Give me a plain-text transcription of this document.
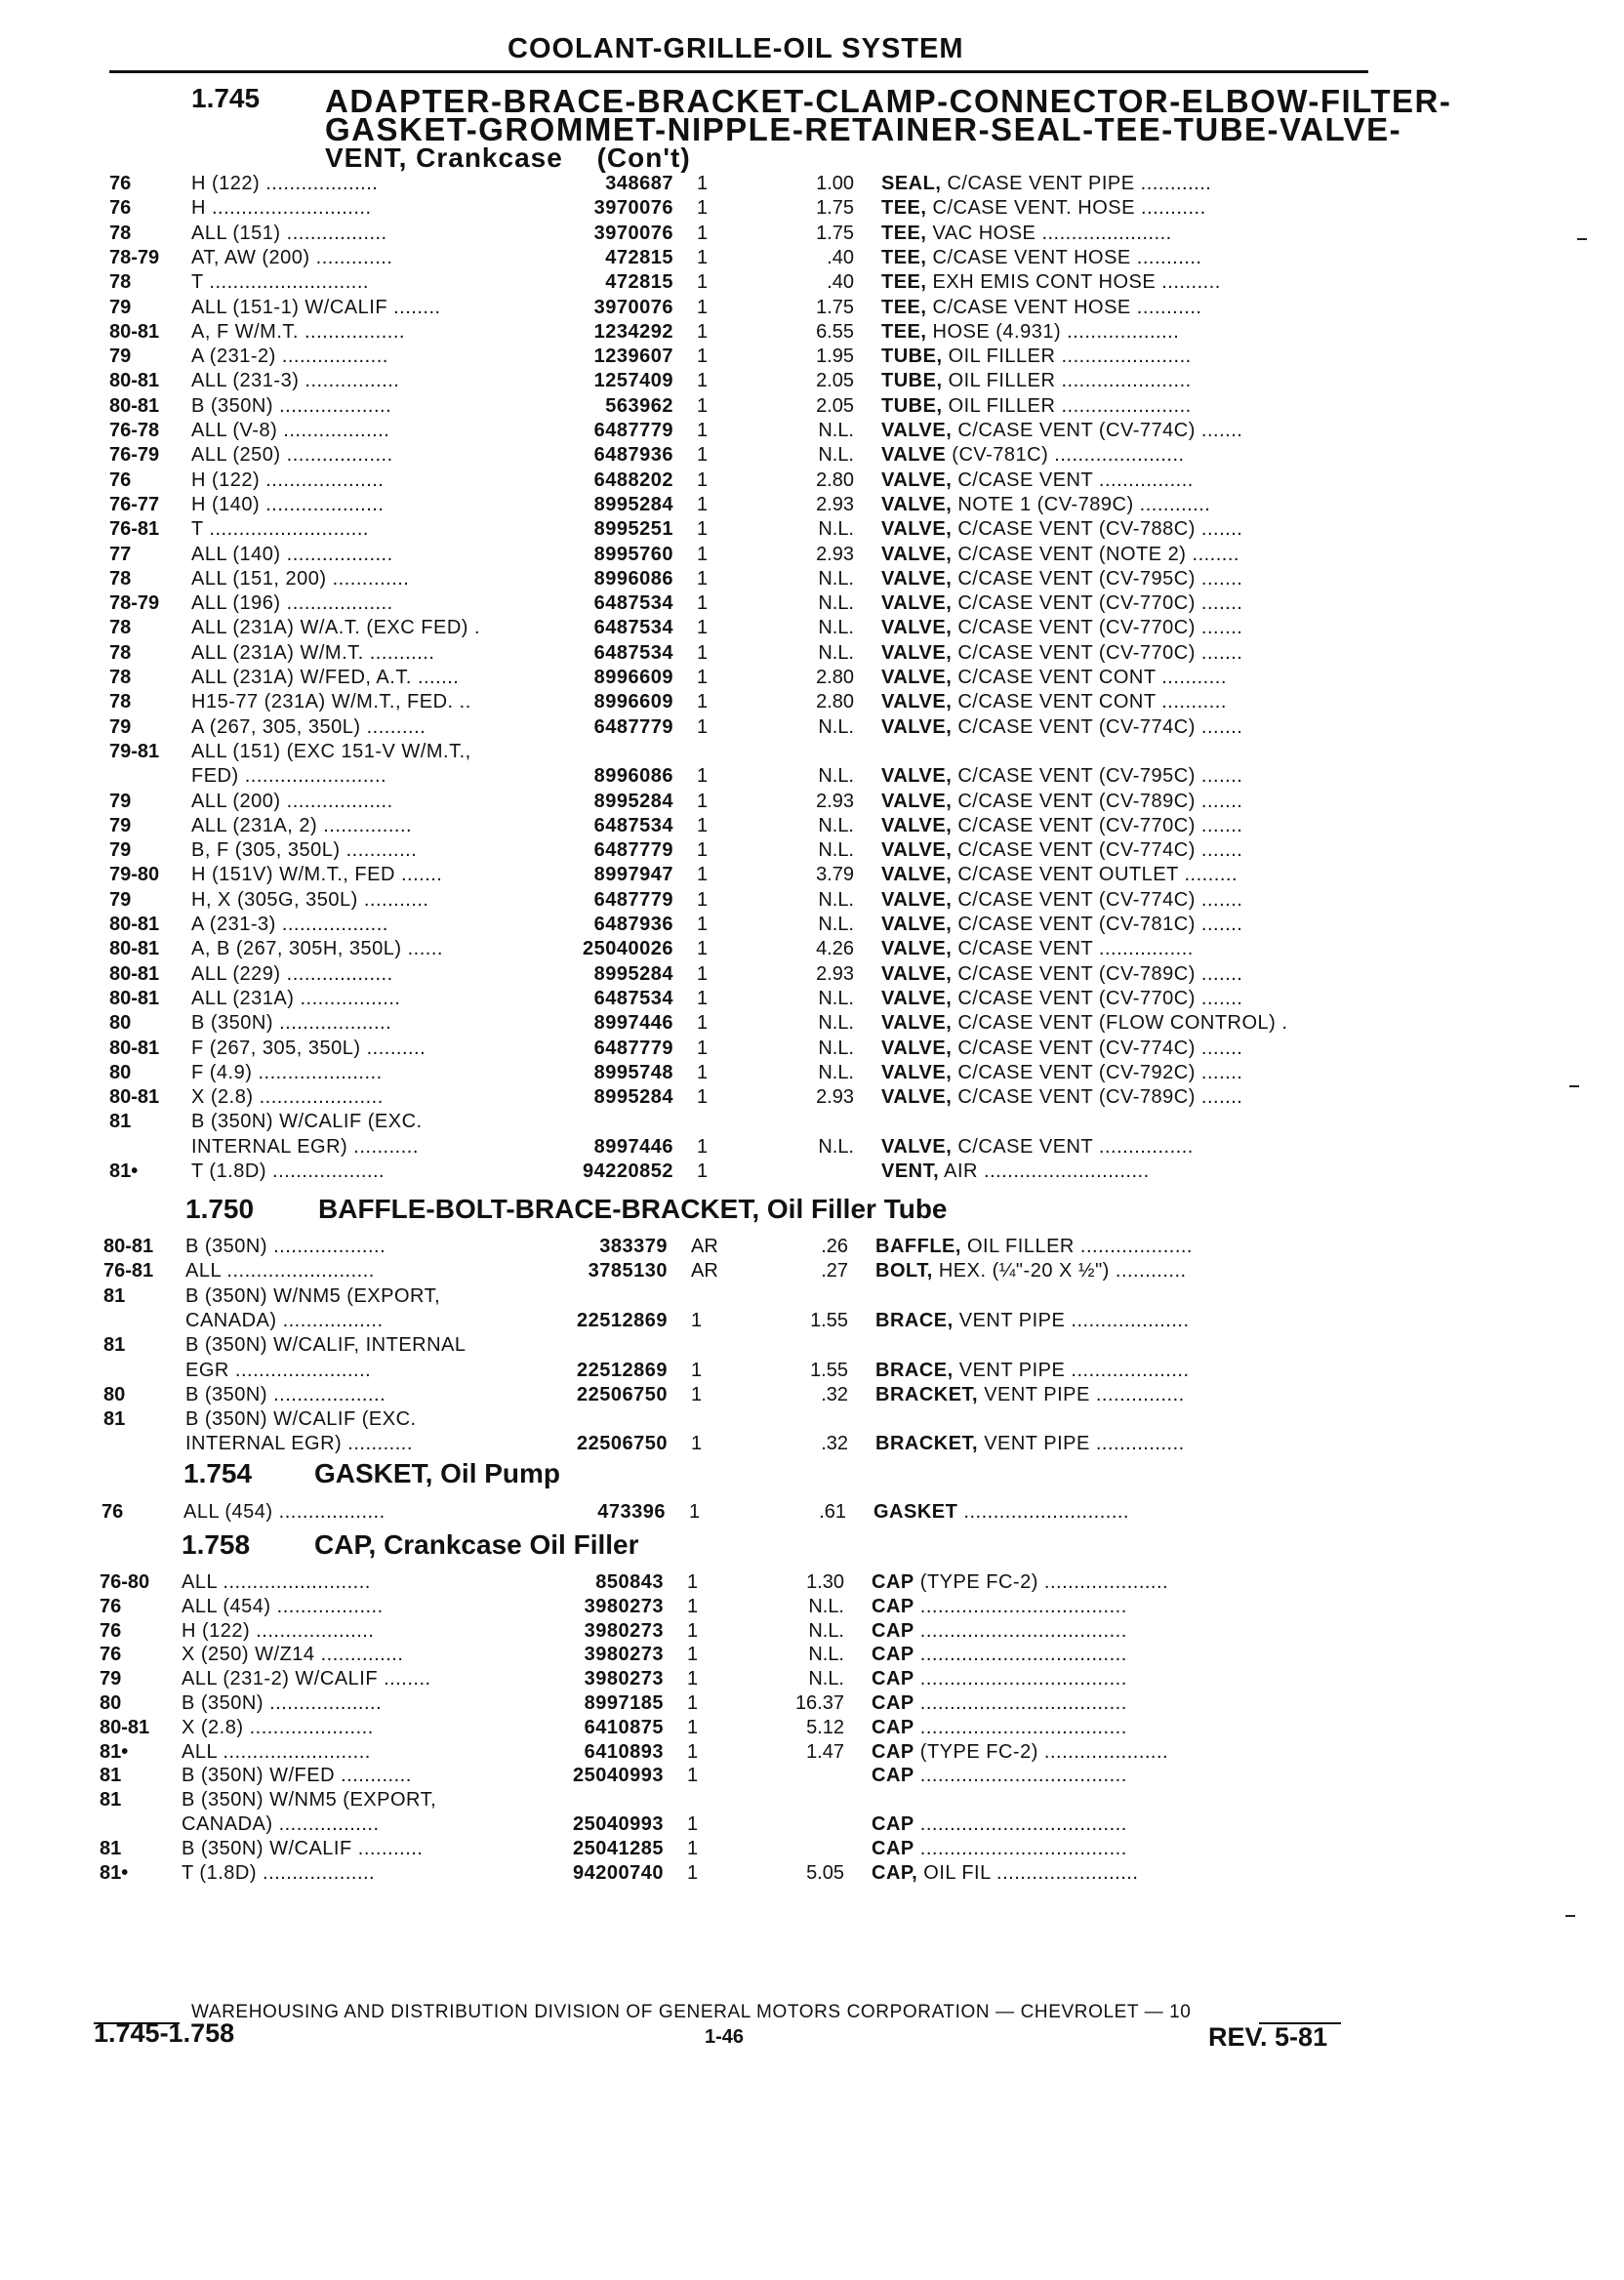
COOLANT-GRILLE-OIL SYSTEM
1.745 ADAPTER-BRACE-BRACKET-CLAMP-CONNECTOR-ELBOW-FILTER-
GASKET-GROMMET-NIPPLE-RETAINER-SEAL-TEE-TUBE-VALVE-
VENT, Crankcase (Con't)
76	H (122) ...................	348687 1	1.00 SEAL, C/CASE VENT PIPE ............
76	H ...........................	3970076 1	1.75 TEE, C/CASE VENT. HOSE ...........
78	ALL (151) .................	3970076 1	1.75 TEE, VAC HOSE ......................
78-79	AT, AW (200) .............	472815 1	.40 TEE, C/CASE VENT HOSE ...........
78	T ...........................	472815 1	.40 TEE, EXH EMIS CONT HOSE ..........
79	ALL (151-1) W/CALIF ........	3970076 1	1.75 TEE, C/CASE VENT HOSE ...........
80-81	A, F W/M.T. .................	1234292 1	6.55 TEE, HOSE (4.931) ...................
79	A (231-2) ..................	1239607 1	1.95 TUBE, OIL FILLER ......................
80-81	ALL (231-3) ................	1257409 1	2.05 TUBE, OIL FILLER ......................
80-81	B (350N) ...................	563962 1	2.05 TUBE, OIL FILLER ......................
76-78	ALL (V-8) ..................	6487779 1	N.L. VALVE, C/CASE VENT (CV-774C) .......
76-79	ALL (250) ..................	6487936 1	N.L. VALVE (CV-781C) ......................
76	H (122) ....................	6488202 1	2.80 VALVE, C/CASE VENT ................
76-77	H (140) ....................	8995284 1	2.93 VALVE, NOTE 1 (CV-789C) ............
76-81	T ...........................	8995251 1	N.L. VALVE, C/CASE VENT (CV-788C) .......
77	ALL (140) ..................	8995760 1	2.93 VALVE, C/CASE VENT (NOTE 2) ........
78	ALL (151, 200) .............	8996086 1	N.L. VALVE, C/CASE VENT (CV-795C) .......
78-79	ALL (196) ..................	6487534 1	N.L. VALVE, C/CASE VENT (CV-770C) .......
78	ALL (231A) W/A.T. (EXC FED) .	6487534 1	N.L. VALVE, C/CASE VENT (CV-770C) .......
78	ALL (231A) W/M.T. ...........	6487534 1	N.L. VALVE, C/CASE VENT (CV-770C) .......
78	ALL (231A) W/FED, A.T. .......	8996609 1	2.80 VALVE, C/CASE VENT CONT ...........
78	H15-77 (231A) W/M.T., FED. ..	8996609 1	2.80 VALVE, C/CASE VENT CONT ...........
79	A (267, 305, 350L) ..........	6487779 1	N.L. VALVE, C/CASE VENT (CV-774C) .......
79-81	ALL (151) (EXC 151-V W/M.T.,
FED) ........................	8996086 1	N.L. VALVE, C/CASE VENT (CV-795C) .......
79	ALL (200) ..................	8995284 1	2.93 VALVE, C/CASE VENT (CV-789C) .......
79	ALL (231A, 2) ...............	6487534 1	N.L. VALVE, C/CASE VENT (CV-770C) .......
79	B, F (305, 350L) ............	6487779 1	N.L. VALVE, C/CASE VENT (CV-774C) .......
79-80	H (151V) W/M.T., FED .......	8997947 1	3.79 VALVE, C/CASE VENT OUTLET .........
79	H, X (305G, 350L) ...........	6487779 1	N.L. VALVE, C/CASE VENT (CV-774C) .......
80-81	A (231-3) ..................	6487936 1	N.L. VALVE, C/CASE VENT (CV-781C) .......
80-81	A, B (267, 305H, 350L) ......	25040026 1	4.26 VALVE, C/CASE VENT ................
80-81	ALL (229) ..................	8995284 1	2.93 VALVE, C/CASE VENT (CV-789C) .......
80-81	ALL (231A) .................	6487534 1	N.L. VALVE, C/CASE VENT (CV-770C) .......
80	B (350N) ...................	8997446 1	N.L. VALVE, C/CASE VENT (FLOW CONTROL) .
80-81	F (267, 305, 350L) ..........	6487779 1	N.L. VALVE, C/CASE VENT (CV-774C) .......
80	F (4.9) .....................	8995748 1	N.L. VALVE, C/CASE VENT (CV-792C) .......
80-81	X (2.8) .....................	8995284 1	2.93 VALVE, C/CASE VENT (CV-789C) .......
81	B (350N) W/CALIF (EXC.
INTERNAL EGR) ...........	8997446 1	N.L. VALVE, C/CASE VENT ................
81•	T (1.8D) ...................	94220852 1	VENT, AIR ............................
1.750 BAFFLE-BOLT-BRACE-BRACKET, Oil Filler Tube
80-81	B (350N) ...................	383379 AR	.26 BAFFLE, OIL FILLER ...................
76-81	ALL .........................	3785130 AR	.27 BOLT, HEX. (¼"-20 X ½") ............
81	B (350N) W/NM5 (EXPORT,
CANADA) .................	22512869 1	1.55 BRACE, VENT PIPE ....................
81	B (350N) W/CALIF, INTERNAL
EGR .......................	22512869 1	1.55 BRACE, VENT PIPE ....................
80	B (350N) ...................	22506750 1	.32 BRACKET, VENT PIPE ...............
81	B (350N) W/CALIF (EXC.
INTERNAL EGR) ...........	22506750 1	.32 BRACKET, VENT PIPE ...............
1.754 GASKET, Oil Pump
76	ALL (454) ..................	473396 1	.61 GASKET ............................
1.758 CAP, Crankcase Oil Filler
76-80	ALL .........................	850843 1	1.30 CAP (TYPE FC-2) .....................
76	ALL (454) ..................	3980273 1	N.L. CAP ...................................
76	H (122) ....................	3980273 1	N.L. CAP ...................................
76	X (250) W/Z14 ..............	3980273 1	N.L. CAP ...................................
79	ALL (231-2) W/CALIF ........	3980273 1	N.L. CAP ...................................
80	B (350N) ...................	8997185 1	16.37 CAP ...................................
80-81	X (2.8) .....................	6410875 1	5.12 CAP ...................................
81•	ALL .........................	6410893 1	1.47 CAP (TYPE FC-2) .....................
81	B (350N) W/FED ............	25040993 1	CAP ...................................
81	B (350N) W/NM5 (EXPORT,
CANADA) .................	25040993 1	CAP ...................................
81	B (350N) W/CALIF ...........	25041285 1	CAP ...................................
81•	T (1.8D) ...................	94200740 1	5.05 CAP, OIL FIL ........................
WAREHOUSING AND DISTRIBUTION DIVISION OF GENERAL MOTORS CORPORATION — CHEVROLET — 10
1.745-1.758	1-46	REV. 5-81
